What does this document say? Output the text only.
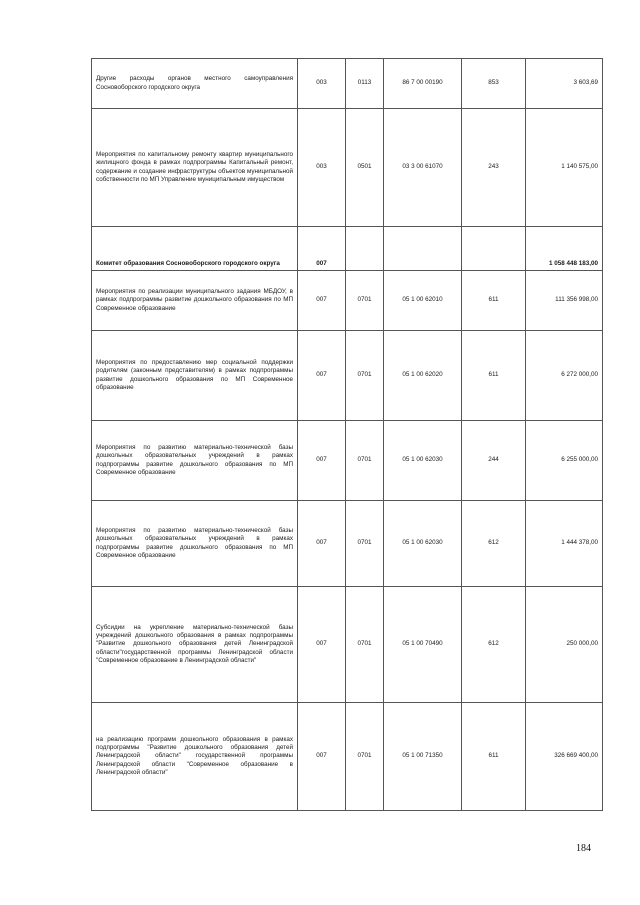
Другие расходы органов местного самоуправления Сосновоборского городского округа	003	0113	86 7 00 00190	853	3 603,69
Мероприятия по капитальному ремонту квартир муниципального жилищного фонда в рамках подпрограммы Капитальный ремонт, содержание и создание инфраструктуры объектов муниципальной собственности по МП Управление муниципальным имуществом	003	0501	03 3 00 61070	243	1 140 575,00
Комитет образования Сосновоборского городского округа	007				1 058 448 183,00
Мероприятия по реализации муниципального задания МБДОУ, в рамках подпрограммы развитие дошкольного образования по МП Современное образование	007	0701	05 1 00 62010	611	111 356 998,00
Мероприятия по предоставлению мер социальной поддержки родителям (законным представителям) в рамках подпрограммы развитие дошкольного образования по МП Современное образование	007	0701	05 1 00 62020	611	6 272 000,00
Мероприятия по развитию материально-технической базы дошкольных образовательных учреждений в рамках подпрограммы развитие дошкольного образования по МП Современное образование	007	0701	05 1 00 62030	244	6 255 000,00
Мероприятия по развитию материально-технической базы дошкольных образовательных учреждений в рамках подпрограммы развитие дошкольного образования по МП Современное образование	007	0701	05 1 00 62030	612	1 444 378,00
Субсидии на укрепление материально-технической базы учреждений дошкольного образования в рамках подпрограммы "Развитие дошкольного образования детей Ленинградской области"государственной программы Ленинградской области "Современное образование в Ленинградской области"	007	0701	05 1 00 70490	612	250 000,00
на реализацию программ дошкольного образования в рамках подпрограммы "Развитие дошкольного образования детей Ленинградской области" государственной программы Ленинградской области "Современное образование в Ленинградской области"	007	0701	05 1 00 71350	611	326 669 400,00
184
